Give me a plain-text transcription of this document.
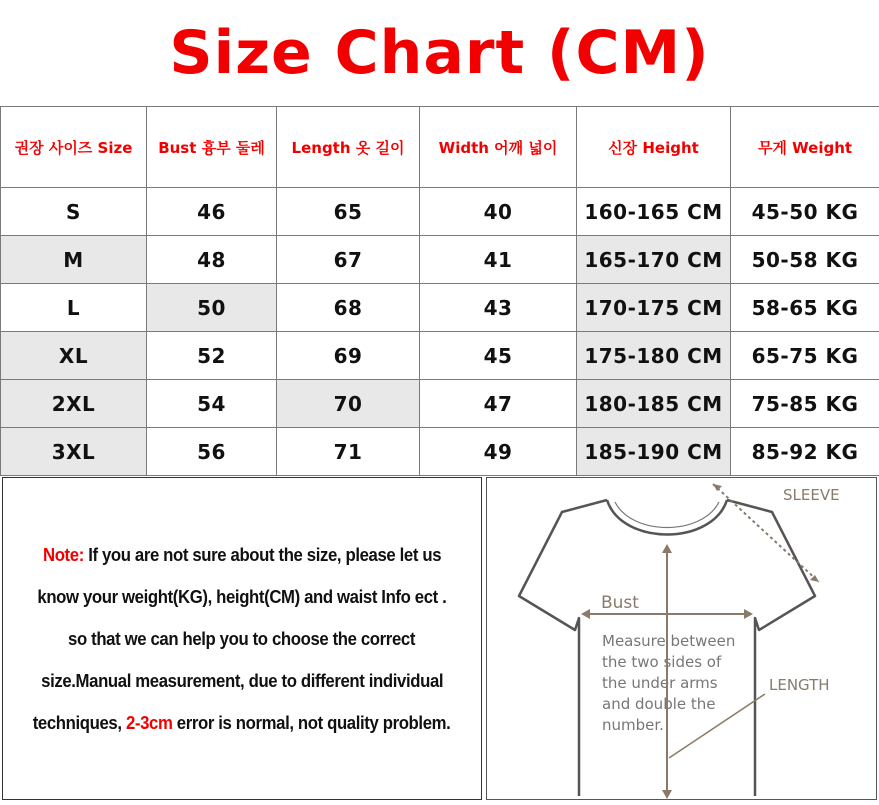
Size Chart (CM)
권장 사이즈 Size	Bust 흉부 둘레	Length 옷 길이	Width 어깨 넓이	신장 Height	무게 Weight
S	46	65	40	160-165 CM	45-50 KG
M	48	67	41	165-170 CM	50-58 KG
L	50	68	43	170-175 CM	58-65 KG
XL	52	69	45	175-180 CM	65-75 KG
2XL	54	70	47	180-185 CM	75-85 KG
3XL	56	71	49	185-190 CM	85-92 KG
Note: If you are not sure about the size, please let us
know your weight(KG), height(CM) and waist Info ect .
so that we can help you to choose the correct
size.Manual measurement, due to different individual
techniques, 2-3cm error is normal, not quality problem.
SLEEVE
Bust
Measure between
the two sides of
the under arms
and double the
number.
LENGTH
